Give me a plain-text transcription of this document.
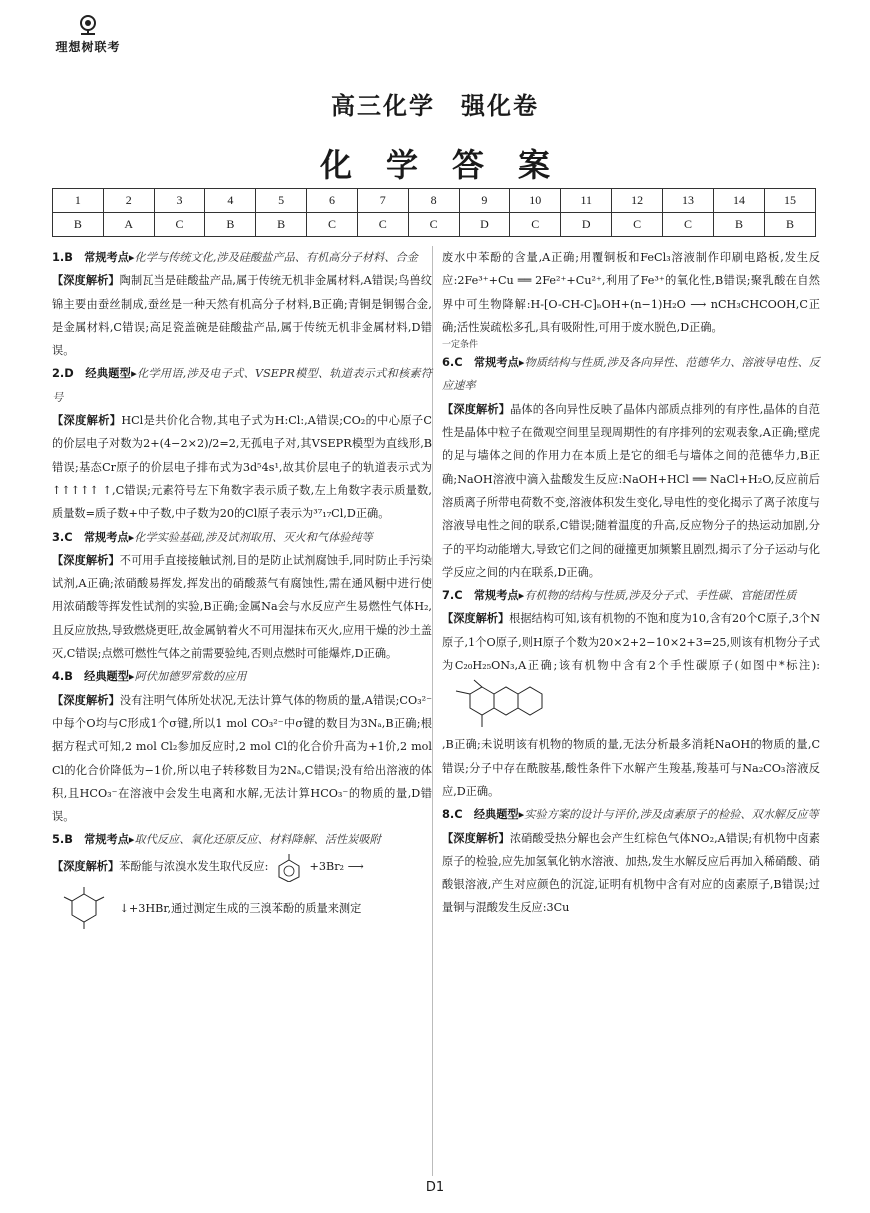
理想树联考
高三化学 强化卷
化学答案
1	2	3	4	5	6	7	8	9	10	11	12	13	14	15
B	A	C	B	B	C	C	C	D	C	D	C	C	B	B

1.B　 常规考点▸化学与传统文化,涉及硅酸盐产品、有机高分子材料、合金

【深度解析】陶制瓦当是硅酸盐产品,属于传统无机非金属材料,A错误;鸟兽纹锦主要由蚕丝制成,蚕丝是一种天然有机高分子材料,B正确;青铜是铜锡合金,是金属材料,C错误;高足瓷盖碗是硅酸盐产品,属于传统无机非金属材料,D错误。

2.D　 经典题型▸化学用语,涉及电子式、VSEPR模型、轨道表示式和核素符号

【深度解析】HCl是共价化合物,其电子式为H:Cl:,A错误;CO₂的中心原子C的价层电子对数为2+(4−2×2)/2=2,无孤电子对,其VSEPR模型为直线形,B错误;基态Cr原子的价层电子排布式为3d⁵4s¹,故其价层电子的轨道表示式为↑↑↑↑↑ ↑,C错误;元素符号左下角数字表示质子数,左上角数字表示质量数,质量数=质子数+中子数,中子数为20的Cl原子表示为³⁷₁₇Cl,D正确。

3.C　 常规考点▸化学实验基础,涉及试剂取用、灭火和气体验纯等

【深度解析】不可用手直接接触试剂,目的是防止试剂腐蚀手,同时防止手污染试剂,A正确;浓硝酸易挥发,挥发出的硝酸蒸气有腐蚀性,需在通风橱中进行使用浓硝酸等挥发性试剂的实验,B正确;金属Na会与水反应产生易燃性气体H₂,且反应放热,导致燃烧更旺,故金属钠着火不可用湿抹布灭火,应用干燥的沙土盖灭,C错误;点燃可燃性气体之前需要验纯,否则点燃时可能爆炸,D正确。

4.B　 经典题型▸阿伏加德罗常数的应用

【深度解析】没有注明气体所处状况,无法计算气体的物质的量,A错误;CO₃²⁻中每个O均与C形成1个σ键,所以1 mol CO₃²⁻中σ键的数目为3Nₐ,B正确;根据方程式可知,2 mol Cl₂参加反应时,2 mol Cl的化合价升高为+1价,2 mol Cl的化合价降低为−1价,所以电子转移数目为2Nₐ,C错误;没有给出溶液的体积,且HCO₃⁻在溶液中会发生电离和水解,无法计算HCO₃⁻的物质的量,D错误。

5.B　 常规考点▸取代反应、氧化还原反应、材料降解、活性炭吸附

【深度解析】苯酚能与浓溴水发生取代反应:	+3Br₂ ⟶

↓+3HBr,通过测定生成的三溴苯酚的质量来测定

废水中苯酚的含量,A正确;用覆铜板和FeCl₃溶液制作印刷电路板,发生反应:2Fe³⁺+Cu ══ 2Fe²⁺+Cu²⁺,利用了Fe³⁺的氧化性,B错误;聚乳酸在自然界中可生物降解:H-[O-CH-C]ₙOH+(n−1)H₂O ⟶ nCH₃CHCOOH,C正确;活性炭疏松多孔,具有吸附性,可用于废水脱色,D正确。

一定条件

6.C　 常规考点▸物质结构与性质,涉及各向异性、范德华力、溶液导电性、反应速率

【深度解析】晶体的各向异性反映了晶体内部质点排列的有序性,晶体的自范性是晶体中粒子在微观空间里呈现周期性的有序排列的宏观表象,A正确;壁虎的足与墙体之间的作用力在本质上是它的细毛与墙体之间的范德华力,B正确;NaOH溶液中滴入盐酸发生反应:NaOH+HCl ══ NaCl+H₂O,反应前后溶质离子所带电荷数不变,溶液体积发生变化,导电性的变化揭示了离子浓度与溶液导电性之间的联系,C错误;随着温度的升高,反应物分子的热运动加剧,分子的平均动能增大,导致它们之间的碰撞更加频繁且剧烈,揭示了分子运动与化学反应之间的内在联系,D正确。

7.C　 常规考点▸有机物的结构与性质,涉及分子式、手性碳、官能团性质

【深度解析】根据结构可知,该有机物的不饱和度为10,含有20个C原子,3个N原子,1个O原子,则H原子个数为20×2+2−10×2+3=25,则该有机物分子式为C₂₀H₂₅ON₃,A正确;该有机物中含有2个手性碳原子(如图中*标注):

,B正确;未说明该有机物的物质的量,无法分析最多消耗NaOH的物质的量,C错误;分子中存在酰胺基,酸性条件下水解产生羧基,羧基可与Na₂CO₃溶液反应,D正确。

8.C　 经典题型▸实验方案的设计与评价,涉及卤素原子的检验、双水解反应等

【深度解析】浓硝酸受热分解也会产生红棕色气体NO₂,A错误;有机物中卤素原子的检验,应先加氢氧化钠水溶液、加热,发生水解反应后再加入稀硝酸、硝酸银溶液,产生对应颜色的沉淀,证明有机物中含有对应的卤素原子,B错误;过量铜与混酸发生反应:3Cu

D1
